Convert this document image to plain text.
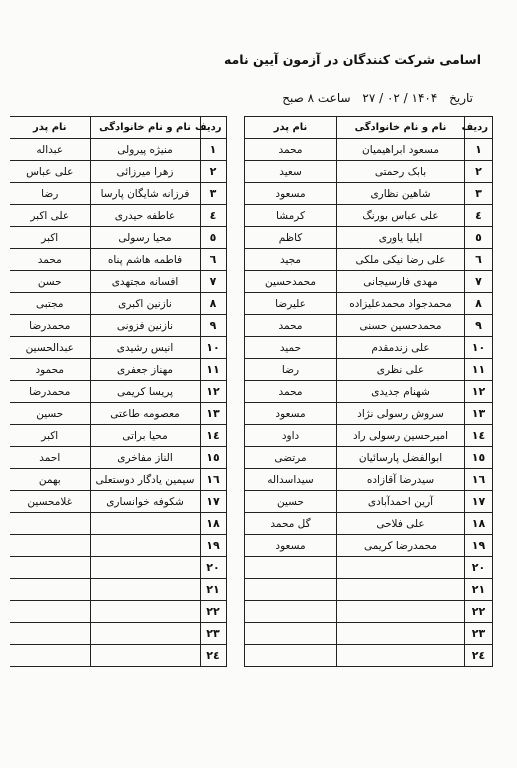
اسامی شرکت کنندگان در آزمون آیین نامه
تاریخ ۱۴۰۴ / ۰۲ / ۲۷ ساعت ۸ صبح
ردیف	نام و نام خانوادگی	نام پدر
۱	مسعود ابراهیمیان	محمد
۲	بابک رحمتی	سعید
۳	شاهین نظاری	مسعود
٤	علی عباس بورنگ	کرمشا
٥	ایلیا یاوری	کاظم
٦	علی رضا نیکی ملکی	مجید
۷	مهدی فارسیجانی	محمدحسین
۸	محمدجواد محمدعلیزاده	علیرضا
۹	محمدحسین حسنی	محمد
۱۰	علی زندمقدم	حمید
۱۱	علی نظری	رضا
۱۲	شهنام جدیدی	محمد
۱۳	سروش رسولی نژاد	مسعود
۱٤	امیرحسین رسولی راد	داود
۱٥	ابوالفضل پارسائیان	مرتضی
۱٦	سیدرضا آقازاده	سیداسداله
۱۷	آرین احمدآبادی	حسین
۱۸	علی فلاحی	گل محمد
۱۹	محمدرضا کریمی	مسعود
۲۰		
۲۱		
۲۲		
۲۳		
۲٤		
ردیف	نام و نام خانوادگی	نام پدر
۱	منیژه پیرولی	عبداله
۲	زهرا میرزائی	علی عباس
۳	فرزانه شایگان پارسا	رضا
٤	عاطفه حیدری	علی اکبر
٥	محیا رسولی	اکبر
٦	فاطمه هاشم پناه	محمد
۷	افسانه مجتهدی	حسن
۸	نازنین اکبری	مجتبی
۹	نازنین فزونی	محمدرضا
۱۰	انیس رشیدی	عبدالحسین
۱۱	مهناز جعفری	محمود
۱۲	پریسا کریمی	محمدرضا
۱۳	معصومه طاعتی	حسین
۱٤	محیا براتی	اکبر
۱٥	الناز مفاخری	احمد
۱٦	سیمین یادگار دوستعلی	بهمن
۱۷	شکوفه خوانساری	غلامحسین
۱۸		
۱۹		
۲۰		
۲۱		
۲۲		
۲۳		
۲٤		
